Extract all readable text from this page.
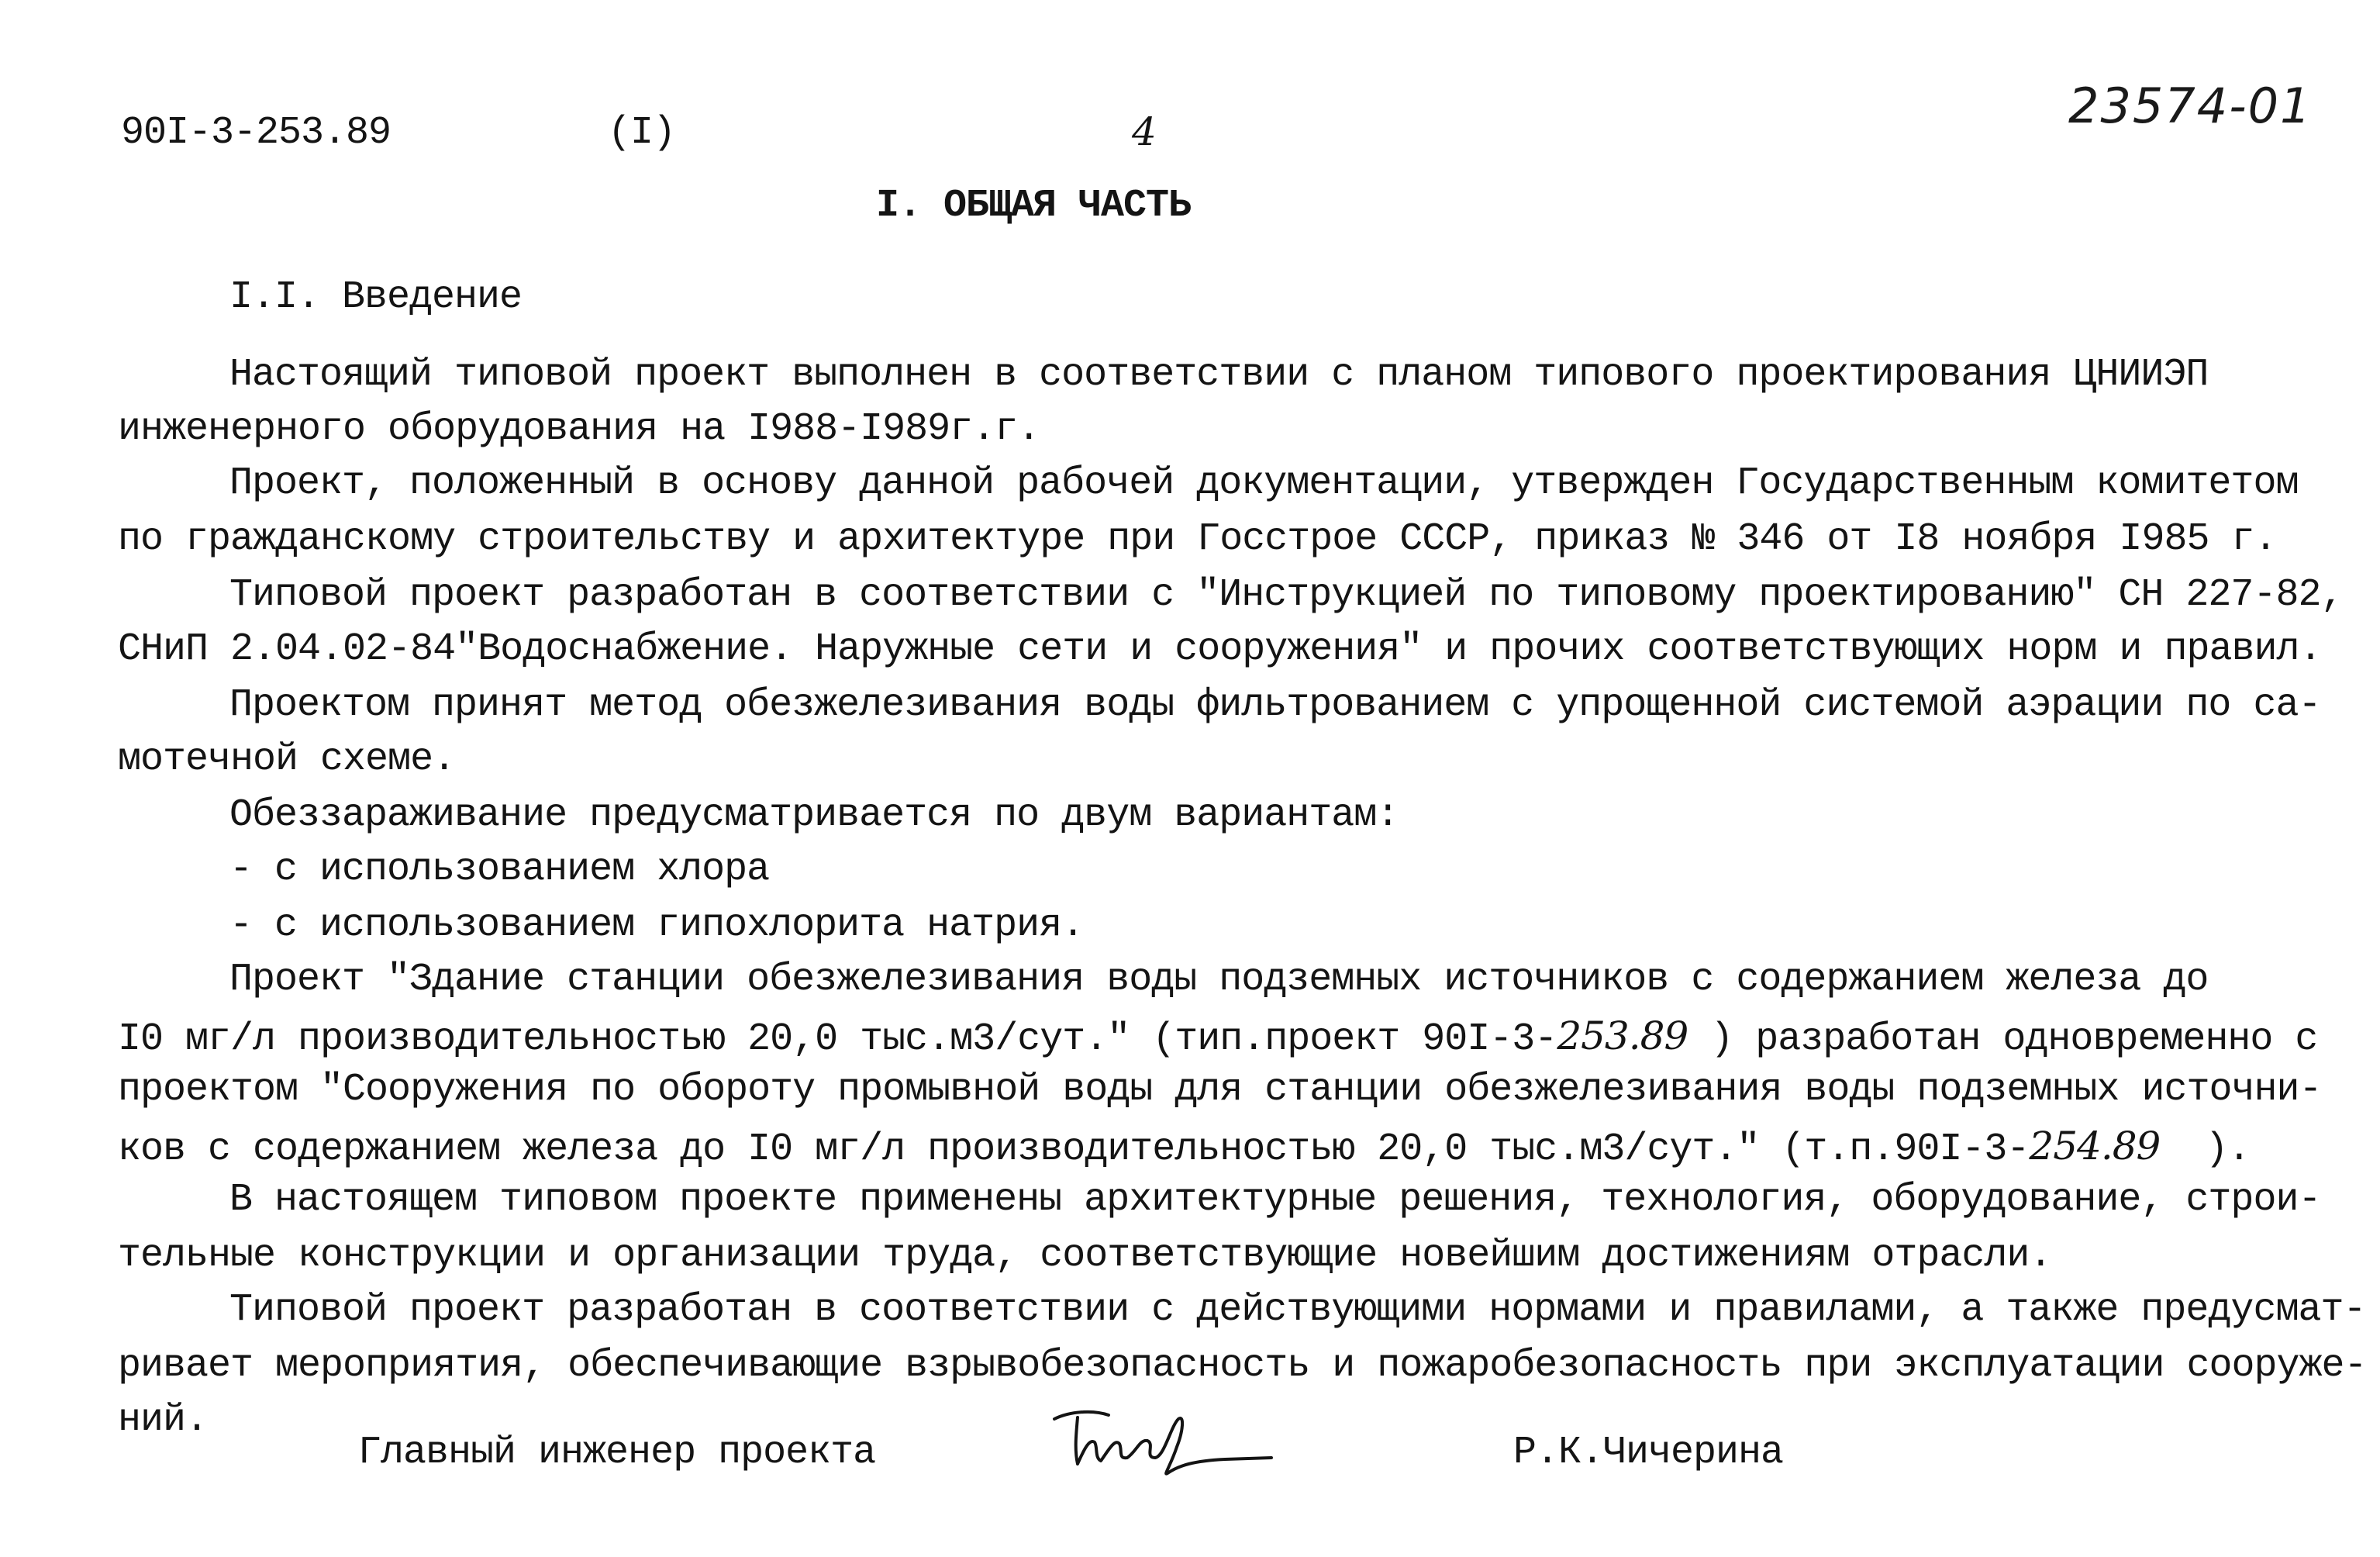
90I-3-253.89	(I)	4	23574-01
I. ОБЩАЯ ЧАСТЬ
I.I. Введение
Настоящий типовой проект выполнен в соответствии с планом типового проектирования ЦНИИЭП
инженерного оборудования на I988-I989г.г.
Проект, положенный в основу данной рабочей документации, утвержден Государственным комитетом
по гражданскому строительству и архитектуре при Госстрое СССР, приказ № 346 от I8 ноября I985 г.
Типовой проект разработан в соответствии с "Инструкцией по типовому проектированию" СН 227-82,
СНиП 2.04.02-84"Водоснабжение. Наружные сети и сооружения" и прочих соответствующих норм и правил.
Проектом принят метод обезжелезивания воды фильтрованием с упрощенной системой аэрации по са-
мотечной схеме.
Обеззараживание предусматривается по двум вариантам:
- с использованием хлора
- с использованием гипохлорита натрия.
Проект "Здание станции обезжелезивания воды подземных источников с содержанием железа до
I0 мг/л производительностью 20,0 тыс.м3/сут." (тип.проект 90I-3-253.89 ) разработан одновременно с
проектом "Сооружения по обороту промывной воды для станции обезжелезивания воды подземных источни-
ков с содержанием железа до I0 мг/л производительностью 20,0 тыс.м3/сут." (т.п.90I-3-254.89  ).
В настоящем типовом проекте применены архитектурные решения, технология, оборудование, строи-
тельные конструкции и организации труда, соответствующие новейшим достижениям отрасли.
Типовой проект разработан в соответствии с действующими нормами и правилами, а также предусмат-
ривает мероприятия, обеспечивающие взрывобезопасность и пожаробезопасность при эксплуатации сооруже-
ний.
Главный инженер проекта	Р.К.Чичерина
